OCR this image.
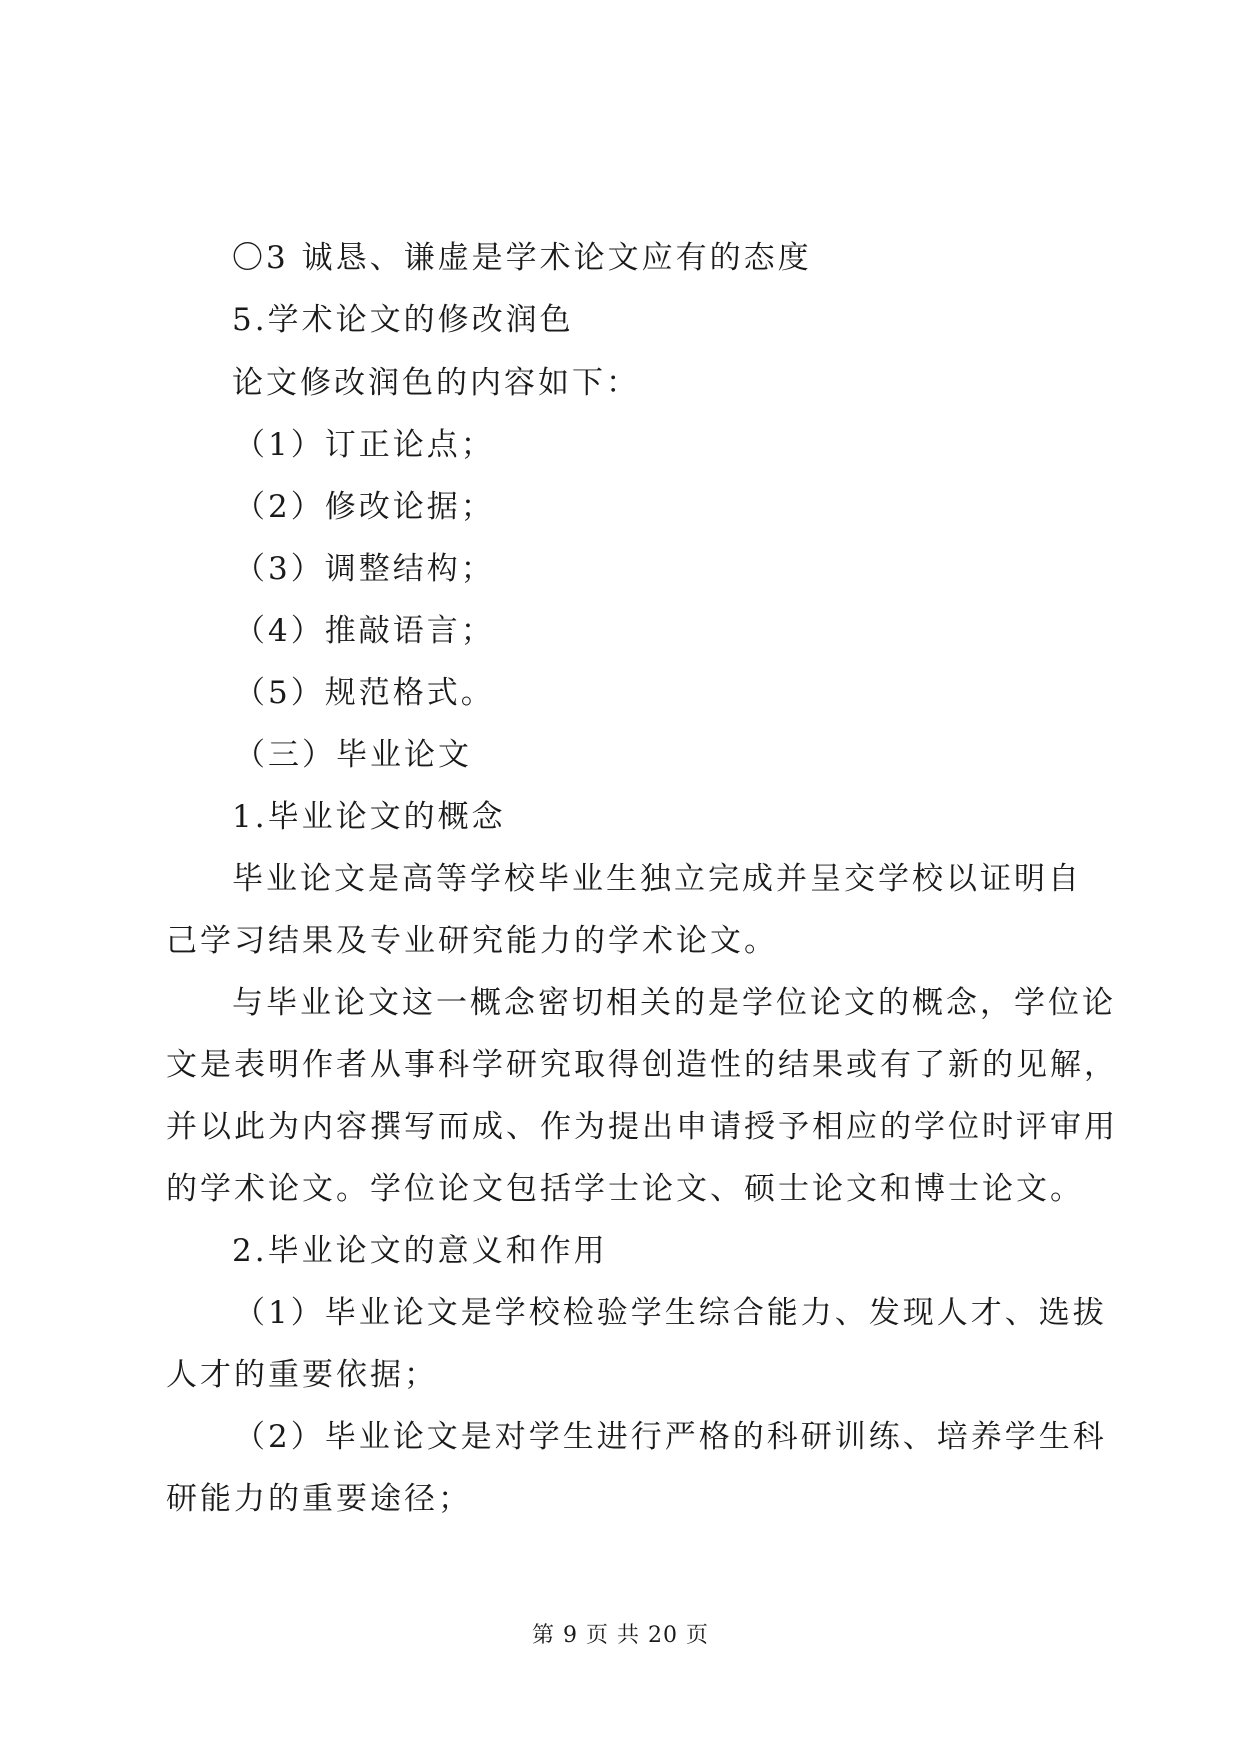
〇3 诚恳、谦虚是学术论文应有的态度
5.学术论文的修改润色
论文修改润色的内容如下：
（1）订正论点；
（2）修改论据；
（3）调整结构；
（4）推敲语言；
（5）规范格式。
（三）毕业论文
1.毕业论文的概念
毕业论文是高等学校毕业生独立完成并呈交学校以证明自
己学习结果及专业研究能力的学术论文。
与毕业论文这一概念密切相关的是学位论文的概念，学位论
文是表明作者从事科学研究取得创造性的结果或有了新的见解，
并以此为内容撰写而成、作为提出申请授予相应的学位时评审用
的学术论文。学位论文包括学士论文、硕士论文和博士论文。
2.毕业论文的意义和作用
（1）毕业论文是学校检验学生综合能力、发现人才、选拔
人才的重要依据；
（2）毕业论文是对学生进行严格的科研训练、培养学生科
研能力的重要途径；
第 9 页 共 20 页
